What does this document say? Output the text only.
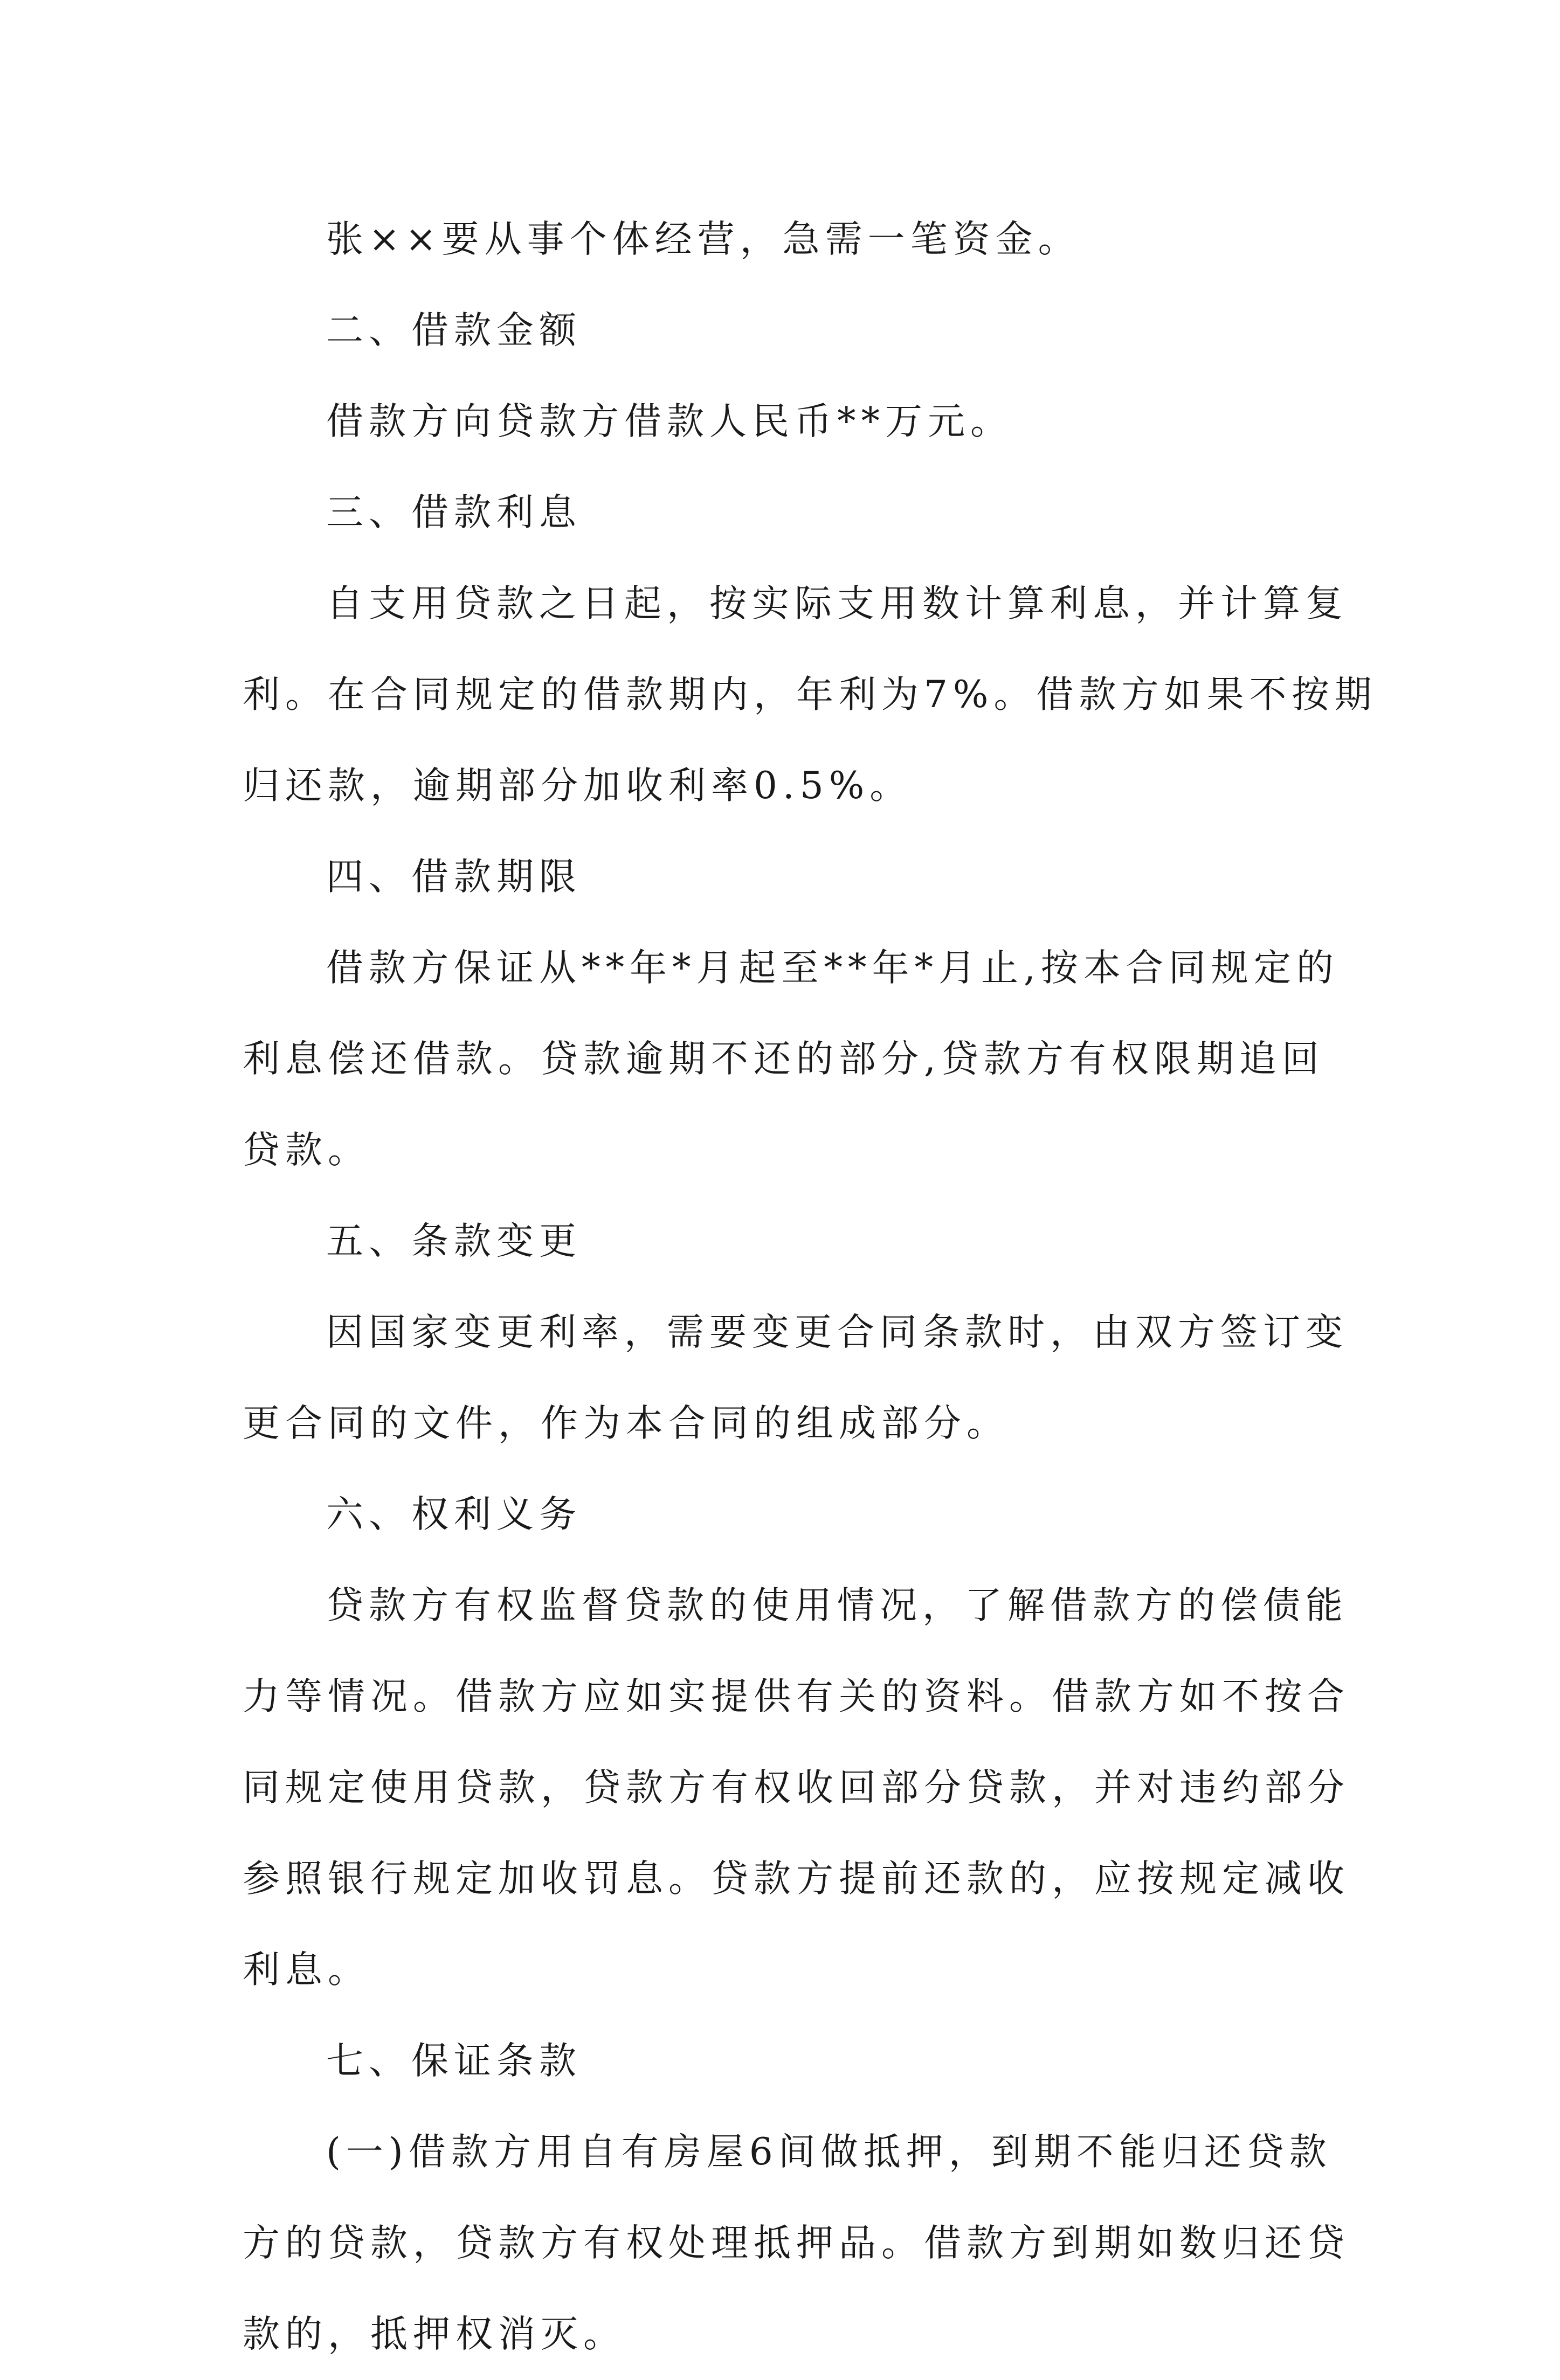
张××要从事个体经营，急需一笔资金。
二、借款金额
借款方向贷款方借款人民币**万元。
三、借款利息
自支用贷款之日起，按实际支用数计算利息，并计算复
利。在合同规定的借款期内，年利为7%。借款方如果不按期
归还款，逾期部分加收利率0.5%。
四、借款期限
借款方保证从**年*月起至**年*月止,按本合同规定的
利息偿还借款。贷款逾期不还的部分,贷款方有权限期追回
贷款。
五、条款变更
因国家变更利率，需要变更合同条款时，由双方签订变
更合同的文件，作为本合同的组成部分。
六、权利义务
贷款方有权监督贷款的使用情况，了解借款方的偿债能
力等情况。借款方应如实提供有关的资料。借款方如不按合
同规定使用贷款，贷款方有权收回部分贷款，并对违约部分
参照银行规定加收罚息。贷款方提前还款的，应按规定减收
利息。
七、保证条款
(一)借款方用自有房屋6间做抵押，到期不能归还贷款
方的贷款，贷款方有权处理抵押品。借款方到期如数归还贷
款的，抵押权消灭。
